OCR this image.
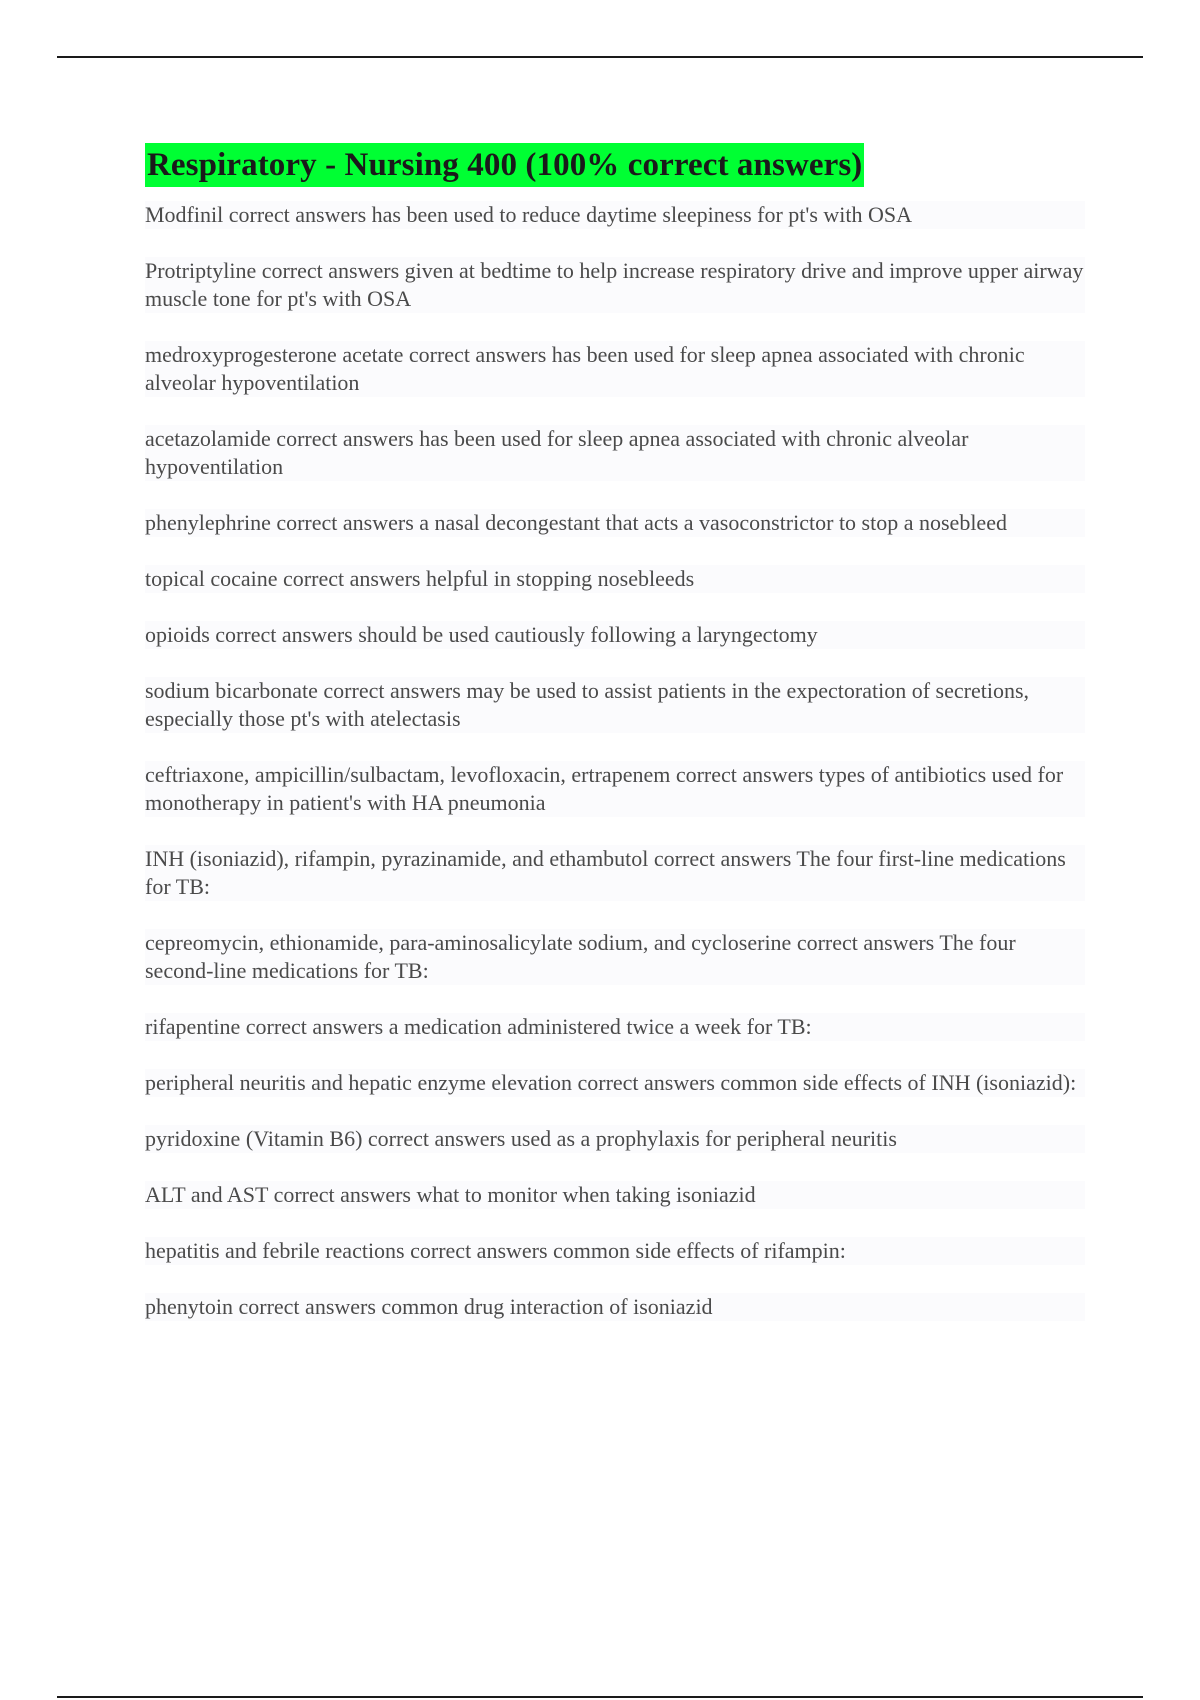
Respiratory - Nursing 400 (100% correct answers)
Modfinil correct answers has been used to reduce daytime sleepiness for pt's with OSA
Protriptyline correct answers given at bedtime to help increase respiratory drive and improve upper airway muscle tone for pt's with OSA
medroxyprogesterone acetate correct answers has been used for sleep apnea associated with chronic alveolar hypoventilation
acetazolamide correct answers has been used for sleep apnea associated with chronic alveolar hypoventilation
phenylephrine correct answers a nasal decongestant that acts a vasoconstrictor to stop a nosebleed
topical cocaine correct answers helpful in stopping nosebleeds
opioids correct answers should be used cautiously following a laryngectomy
sodium bicarbonate correct answers may be used to assist patients in the expectoration of secretions, especially those pt's with atelectasis
ceftriaxone, ampicillin/sulbactam, levofloxacin, ertrapenem correct answers types of antibiotics used for monotherapy in patient's with HA pneumonia
INH (isoniazid), rifampin, pyrazinamide, and ethambutol correct answers The four first-line medications for TB:
cepreomycin, ethionamide, para-aminosalicylate sodium, and cycloserine correct answers The four second-line medications for TB:
rifapentine correct answers a medication administered twice a week for TB:
peripheral neuritis and hepatic enzyme elevation correct answers common side effects of INH (isoniazid):
pyridoxine (Vitamin B6) correct answers used as a prophylaxis for peripheral neuritis
ALT and AST correct answers what to monitor when taking isoniazid
hepatitis and febrile reactions correct answers common side effects of rifampin:
phenytoin correct answers common drug interaction of isoniazid
